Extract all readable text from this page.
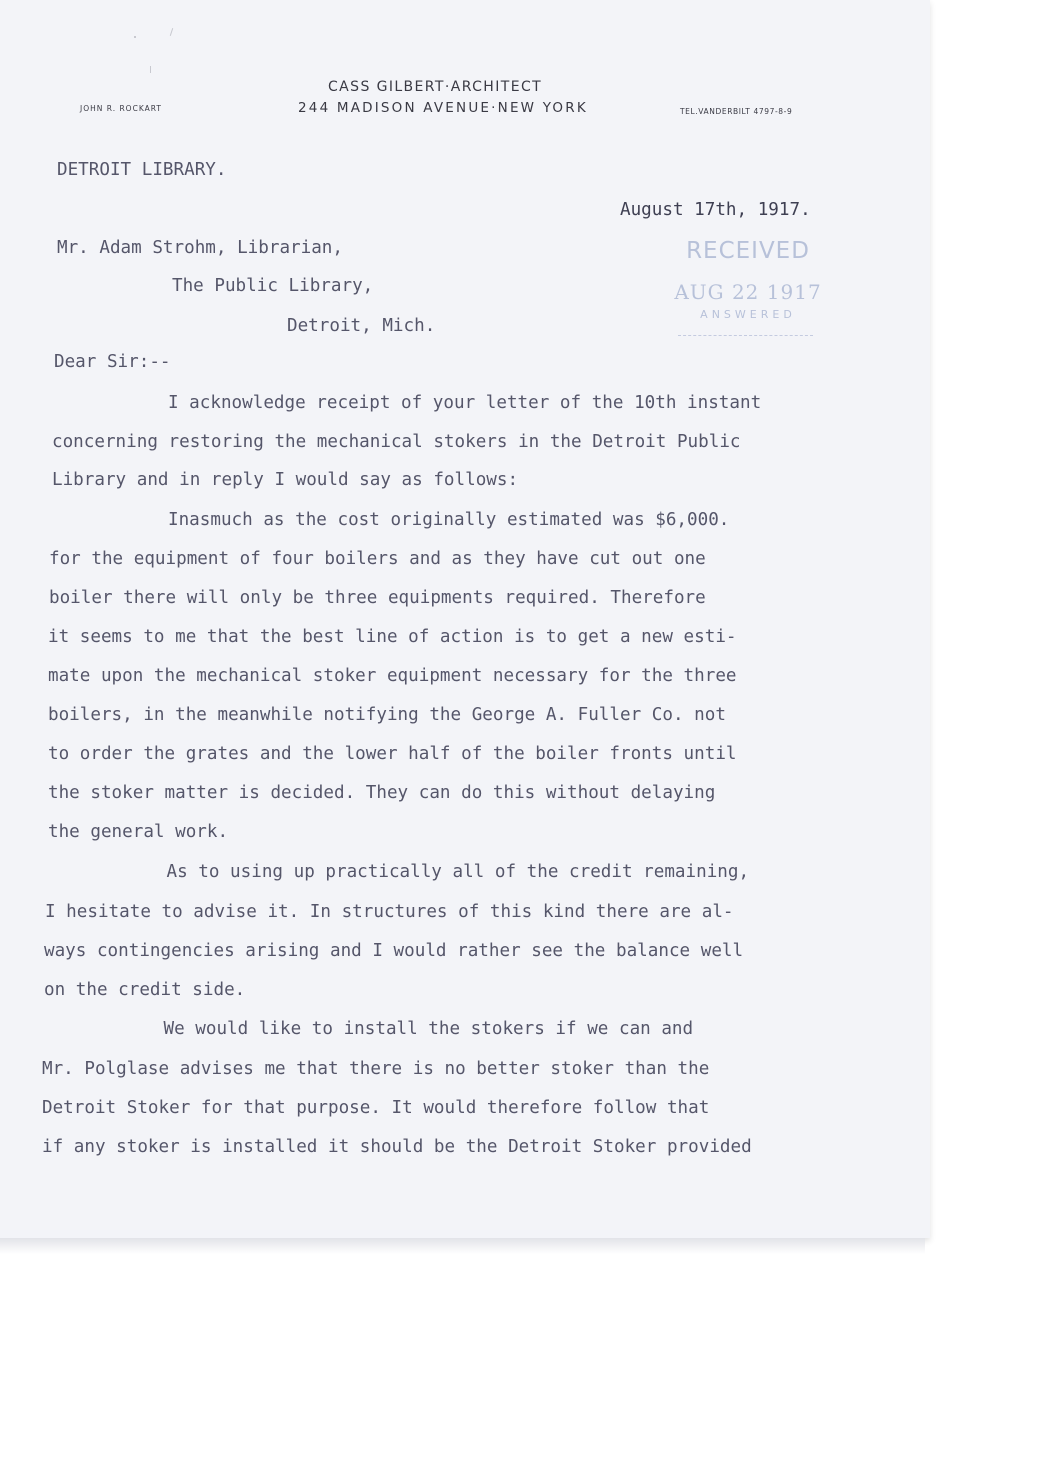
CASS GILBERT·ARCHITECT
244 MADISON AVENUE·NEW YORK
JOHN R. ROCKART	TEL.VANDERBILT 4797-8-9
DETROIT LIBRARY.
August 17th, 1917.
RECEIVED
AUG 22 1917
ANSWERED
Mr. Adam Strohm, Librarian,
The Public Library,
Detroit, Mich.
Dear Sir:--
I acknowledge receipt of your letter of the 10th instant
concerning restoring the mechanical stokers in the Detroit Public
Library and in reply I would say as follows:
Inasmuch as the cost originally estimated was $6,000.
for the equipment of four boilers and as they have cut out one
boiler there will only be three equipments required. Therefore
it seems to me that the best line of action is to get a new esti-
mate upon the mechanical stoker equipment necessary for the three
boilers, in the meanwhile notifying the George A. Fuller Co. not
to order the grates and the lower half of the boiler fronts until
the stoker matter is decided. They can do this without delaying
the general work.
As to using up practically all of the credit remaining,
I hesitate to advise it. In structures of this kind there are al-
ways contingencies arising and I would rather see the balance well
on the credit side.
We would like to install the stokers if we can and
Mr. Polglase advises me that there is no better stoker than the
Detroit Stoker for that purpose. It would therefore follow that
if any stoker is installed it should be the Detroit Stoker provided
